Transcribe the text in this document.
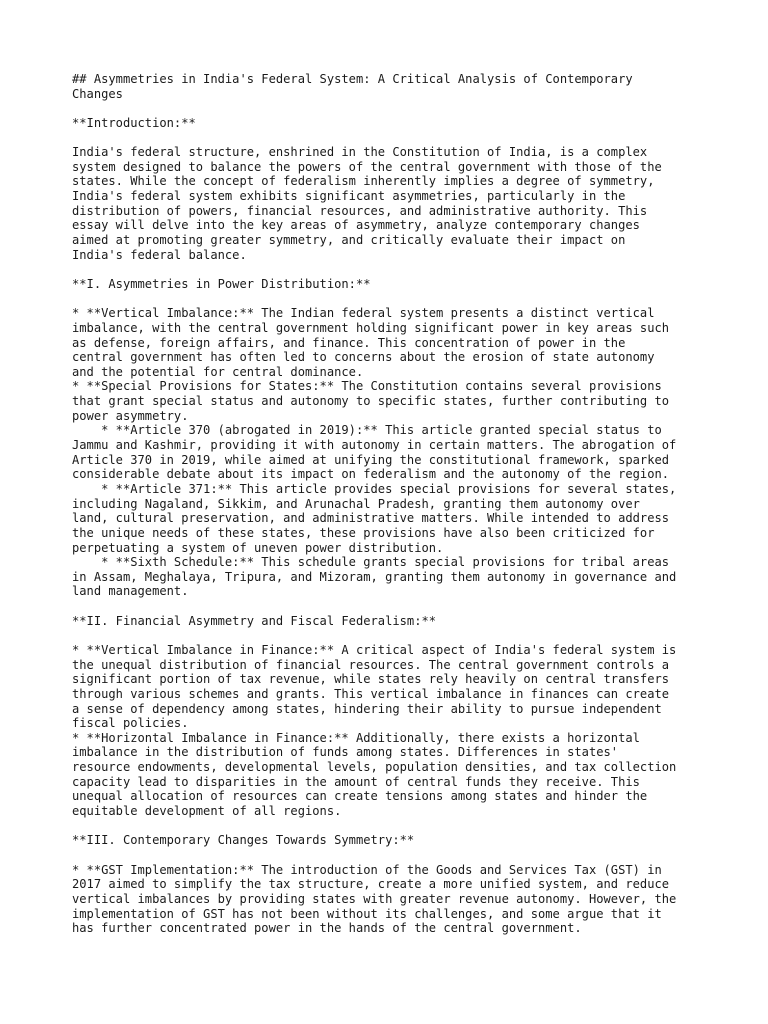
## Asymmetries in India's Federal System: A Critical Analysis of Contemporary
Changes
**Introduction:**
India's federal structure, enshrined in the Constitution of India, is a complex
system designed to balance the powers of the central government with those of the
states. While the concept of federalism inherently implies a degree of symmetry,
India's federal system exhibits significant asymmetries, particularly in the
distribution of powers, financial resources, and administrative authority. This
essay will delve into the key areas of asymmetry, analyze contemporary changes
aimed at promoting greater symmetry, and critically evaluate their impact on
India's federal balance.
**I. Asymmetries in Power Distribution:**
* **Vertical Imbalance:** The Indian federal system presents a distinct vertical
imbalance, with the central government holding significant power in key areas such
as defense, foreign affairs, and finance. This concentration of power in the
central government has often led to concerns about the erosion of state autonomy
and the potential for central dominance.
* **Special Provisions for States:** The Constitution contains several provisions
that grant special status and autonomy to specific states, further contributing to
power asymmetry.
* **Article 370 (abrogated in 2019):** This article granted special status to
Jammu and Kashmir, providing it with autonomy in certain matters. The abrogation of
Article 370 in 2019, while aimed at unifying the constitutional framework, sparked
considerable debate about its impact on federalism and the autonomy of the region.
* **Article 371:** This article provides special provisions for several states,
including Nagaland, Sikkim, and Arunachal Pradesh, granting them autonomy over
land, cultural preservation, and administrative matters. While intended to address
the unique needs of these states, these provisions have also been criticized for
perpetuating a system of uneven power distribution.
* **Sixth Schedule:** This schedule grants special provisions for tribal areas
in Assam, Meghalaya, Tripura, and Mizoram, granting them autonomy in governance and
land management.
**II. Financial Asymmetry and Fiscal Federalism:**
* **Vertical Imbalance in Finance:** A critical aspect of India's federal system is
the unequal distribution of financial resources. The central government controls a
significant portion of tax revenue, while states rely heavily on central transfers
through various schemes and grants. This vertical imbalance in finances can create
a sense of dependency among states, hindering their ability to pursue independent
fiscal policies.
* **Horizontal Imbalance in Finance:** Additionally, there exists a horizontal
imbalance in the distribution of funds among states. Differences in states'
resource endowments, developmental levels, population densities, and tax collection
capacity lead to disparities in the amount of central funds they receive. This
unequal allocation of resources can create tensions among states and hinder the
equitable development of all regions.
**III. Contemporary Changes Towards Symmetry:**
* **GST Implementation:** The introduction of the Goods and Services Tax (GST) in
2017 aimed to simplify the tax structure, create a more unified system, and reduce
vertical imbalances by providing states with greater revenue autonomy. However, the
implementation of GST has not been without its challenges, and some argue that it
has further concentrated power in the hands of the central government.
